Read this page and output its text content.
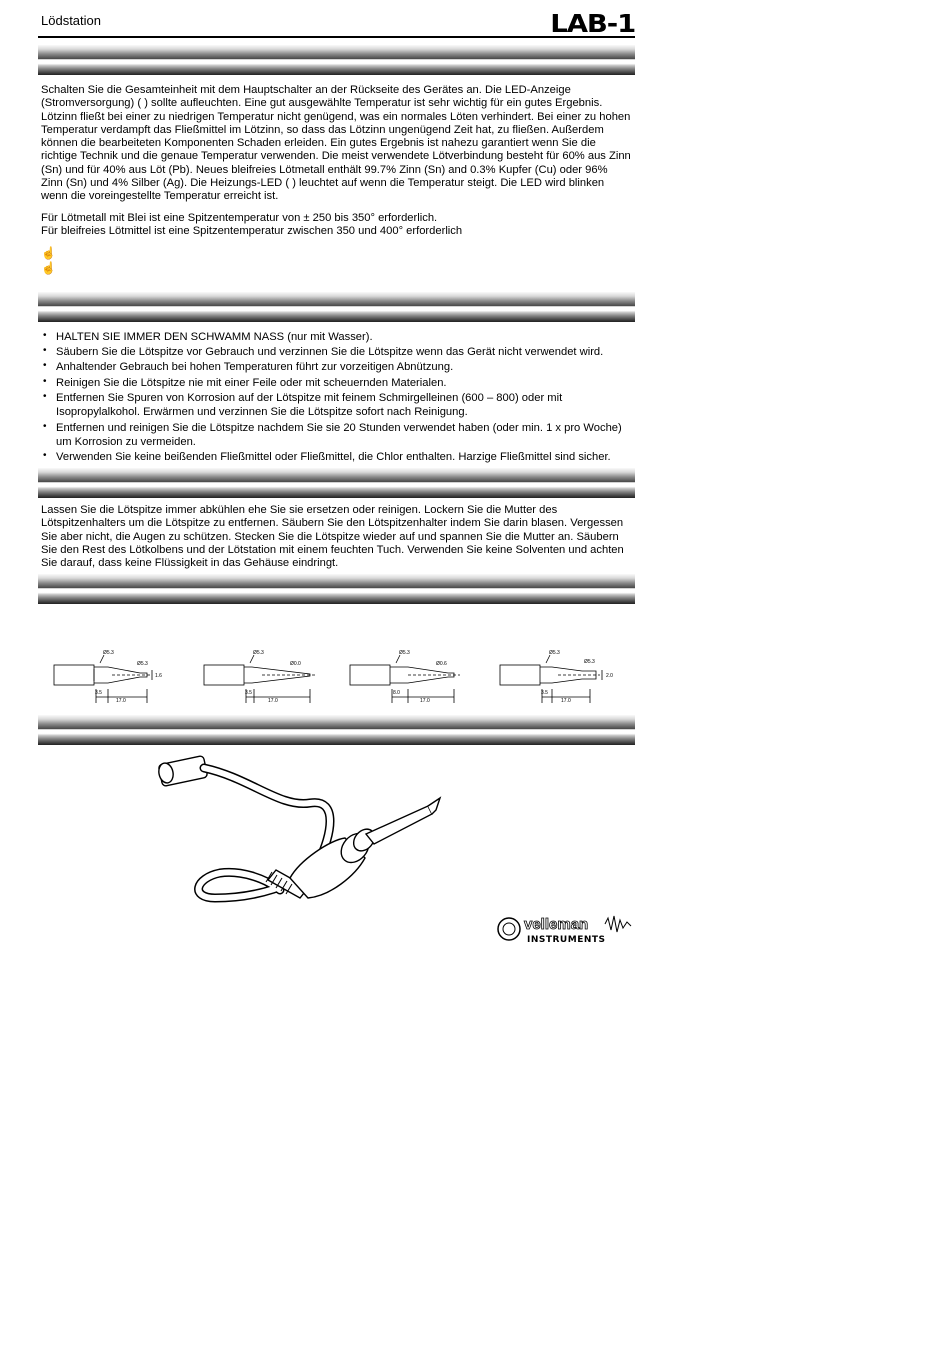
Lödstation	LAB-1

Schalten Sie die Gesamteinheit mit dem Hauptschalter an der Rückseite des Gerätes an. Die LED-Anzeige (Stromversorgung) ( ) sollte aufleuchten. Eine gut ausgewählte Temperatur ist sehr wichtig für ein gutes Ergebnis. Lötzinn fließt bei einer zu niedrigen Temperatur nicht genügend, was ein normales Löten verhindert. Bei einer zu hohen Temperatur verdampft das Fließmittel im Lötzinn, so dass das Lötzinn ungenügend Zeit hat, zu fließen. Außerdem können die bearbeiteten Komponenten Schaden erleiden. Ein gutes Ergebnis ist nahezu garantiert wenn Sie die richtige Technik und die genaue Temperatur verwenden. Die meist verwendete Lötverbindung besteht für 60% aus Zinn (Sn) und für 40% aus Löt (Pb). Neues bleifreies Lötmetall enthält 99.7% Zinn (Sn) and 0.3% Kupfer (Cu) oder 96% Zinn (Sn) und 4% Silber (Ag). Die Heizungs-LED ( ) leuchtet auf wenn die Temperatur steigt. Die LED wird blinken wenn die voreingestellte Temperatur erreicht ist.

Für Lötmetall mit Blei ist eine Spitzentemperatur von ± 250 bis 350° erforderlich.

Für bleifreies Lötmittel ist eine Spitzentemperatur zwischen 350 und 400° erforderlich

☝
☝
• HALTEN SIE IMMER DEN SCHWAMM NASS (nur mit Wasser).
• Säubern Sie die Lötspitze vor Gebrauch und verzinnen Sie die Lötspitze wenn das Gerät nicht verwendet wird.
• Anhaltender Gebrauch bei hohen Temperaturen führt zur vorzeitigen Abnützung.
• Reinigen Sie die Lötspitze nie mit einer Feile oder mit scheuernden Materialen.
• Entfernen Sie Spuren von Korrosion auf der Lötspitze mit feinem Schmirgelleinen (600 – 800) oder mit Isopropylalkohol. Erwärmen und verzinnen Sie die Lötspitze sofort nach Reinigung.
• Entfernen und reinigen Sie die Lötspitze nachdem Sie sie 20 Stunden verwendet haben (oder min. 1 x pro Woche) um Korrosion zu vermeiden.
• Verwenden Sie keine beißenden Fließmittel oder Fließmittel, die Chlor enthalten. Harzige Fließmittel sind sicher.

Lassen Sie die Lötspitze immer abkühlen ehe Sie sie ersetzen oder reinigen. Lockern Sie die Mutter des Lötspitzenhalters um die Lötspitze zu entfernen. Säubern Sie den Lötspitzenhalter indem Sie darin blasen. Vergessen Sie aber nicht, die Augen zu schützen. Stecken Sie die Lötspitze wieder auf und spannen Sie die Mutter an. Säubern Sie den Rest des Lötkolbens und der Lötstation mit einem feuchten Tuch. Verwenden Sie keine Solventen und achten Sie darauf, dass keine Flüssigkeit in das Gehäuse eindringt.

Ø5.3
Ø5.3
1.6
3.5
17.0
Ø5.3
Ø0.0
3.5
17.0
Ø5.3
Ø0.6
8.0
17.0
Ø5.3
Ø5.3
2.0
3.5
17.0
velleman
INSTRUMENTS
